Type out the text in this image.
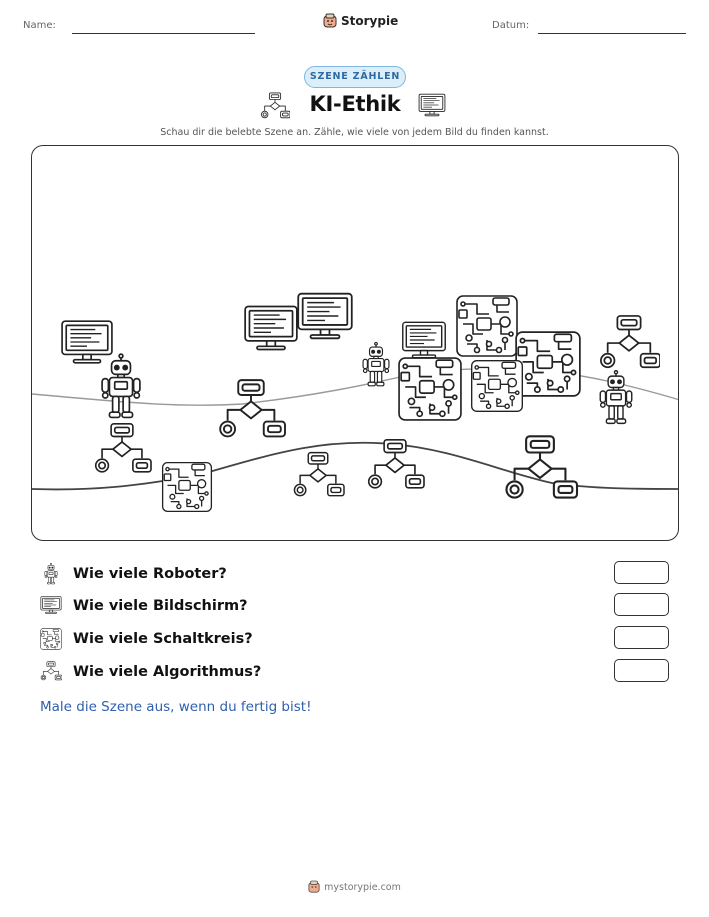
Name:	Storypie	Datum:
SZENE ZÄHLEN
KI-Ethik
Schau dir die belebte Szene an. Zähle, wie viele von jedem Bild du finden kannst.
Wie viele Roboter?
Wie viele Bildschirm?
Wie viele Schaltkreis?
Wie viele Algorithmus?
Male die Szene aus, wenn du fertig bist!
mystorypie.com
